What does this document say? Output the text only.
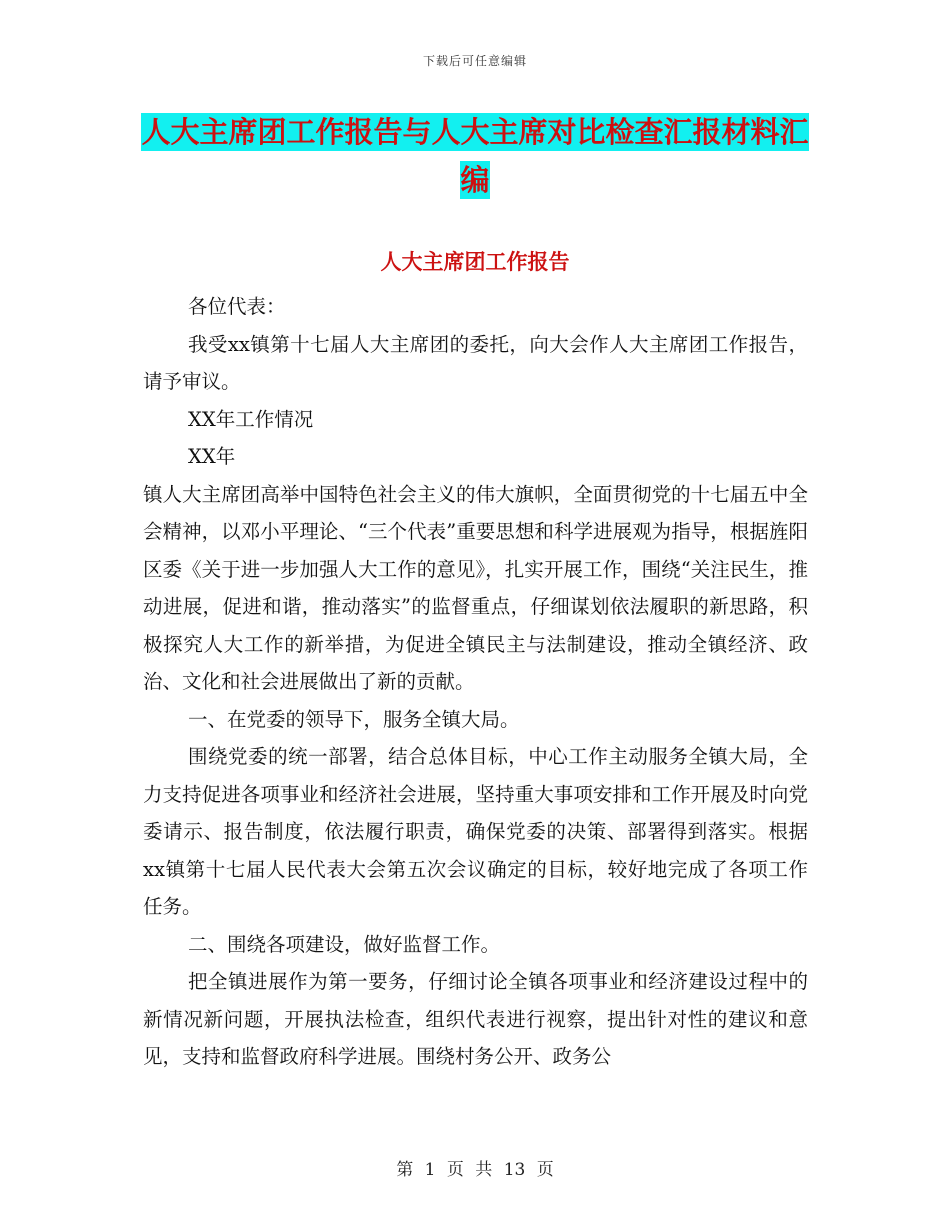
下载后可任意编辑
人大主席团工作报告与人大主席对比检查汇报材料汇编
人大主席团工作报告

各位代表：

我受xx镇第十七届人大主席团的委托，向大会作人大主席团工作报告，请予审议。

XX年工作情况

XX年

镇人大主席团高举中国特色社会主义的伟大旗帜，全面贯彻党的十七届五中全会精神，以邓小平理论、“三个代表”重要思想和科学进展观为指导，根据旌阳区委《关于进一步加强人大工作的意见》，扎实开展工作，围绕“关注民生，推动进展，促进和谐，推动落实”的监督重点，仔细谋划依法履职的新思路，积极探究人大工作的新举措，为促进全镇民主与法制建设，推动全镇经济、政治、文化和社会进展做出了新的贡献。

一、在党委的领导下，服务全镇大局。

围绕党委的统一部署，结合总体目标，中心工作主动服务全镇大局，全力支持促进各项事业和经济社会进展，坚持重大事项安排和工作开展及时向党委请示、报告制度，依法履行职责，确保党委的决策、部署得到落实。根据xx镇第十七届人民代表大会第五次会议确定的目标，较好地完成了各项工作任务。

二、围绕各项建设，做好监督工作。

把全镇进展作为第一要务，仔细讨论全镇各项事业和经济建设过程中的新情况新问题，开展执法检查，组织代表进行视察，提出针对性的建议和意见，支持和监督政府科学进展。围绕村务公开、政务公

第 1 页 共 13 页
